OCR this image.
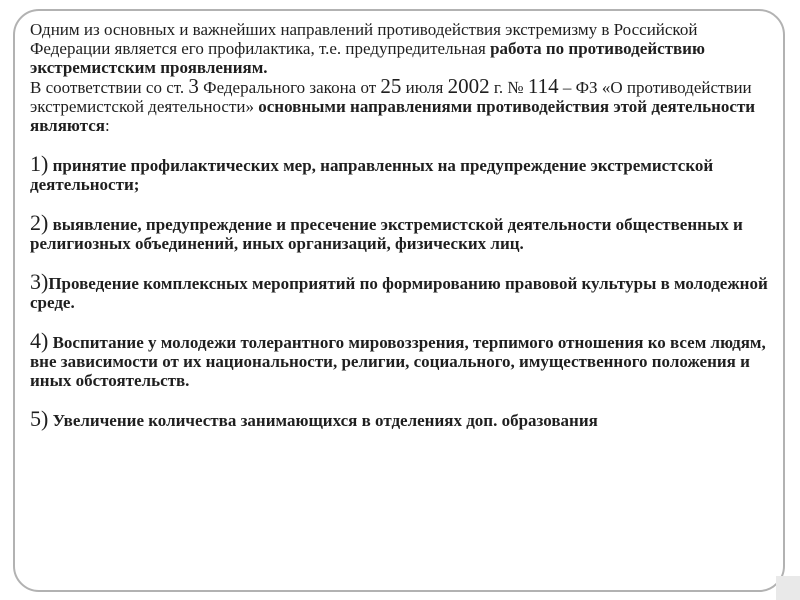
Одним из основных и важнейших направлений противодействия экстремизму в Российской Федерации является его профилактика, т.е. предупредительная работа по противодействию экстремистским проявлениям.

В соответствии со ст. 3 Федерального закона от 25 июля 2002 г. № 114 – ФЗ «О противодействии экстремистской деятельности» основными направлениями противодействия этой деятельности являются:

1) принятие профилактических мер, направленных на предупреждение экстремистской деятельности;

2) выявление, предупреждение и пресечение экстремистской деятельности общественных и религиозных объединений, иных организаций, физических лиц.

3)Проведение комплексных мероприятий по формированию правовой культуры в молодежной среде.

4) Воспитание у молодежи толерантного мировоззрения, терпимого отношения ко всем людям, вне зависимости от их национальности, религии, социального, имущественного положения и иных обстоятельств.

5) Увеличение количества занимающихся в отделениях доп. образования
